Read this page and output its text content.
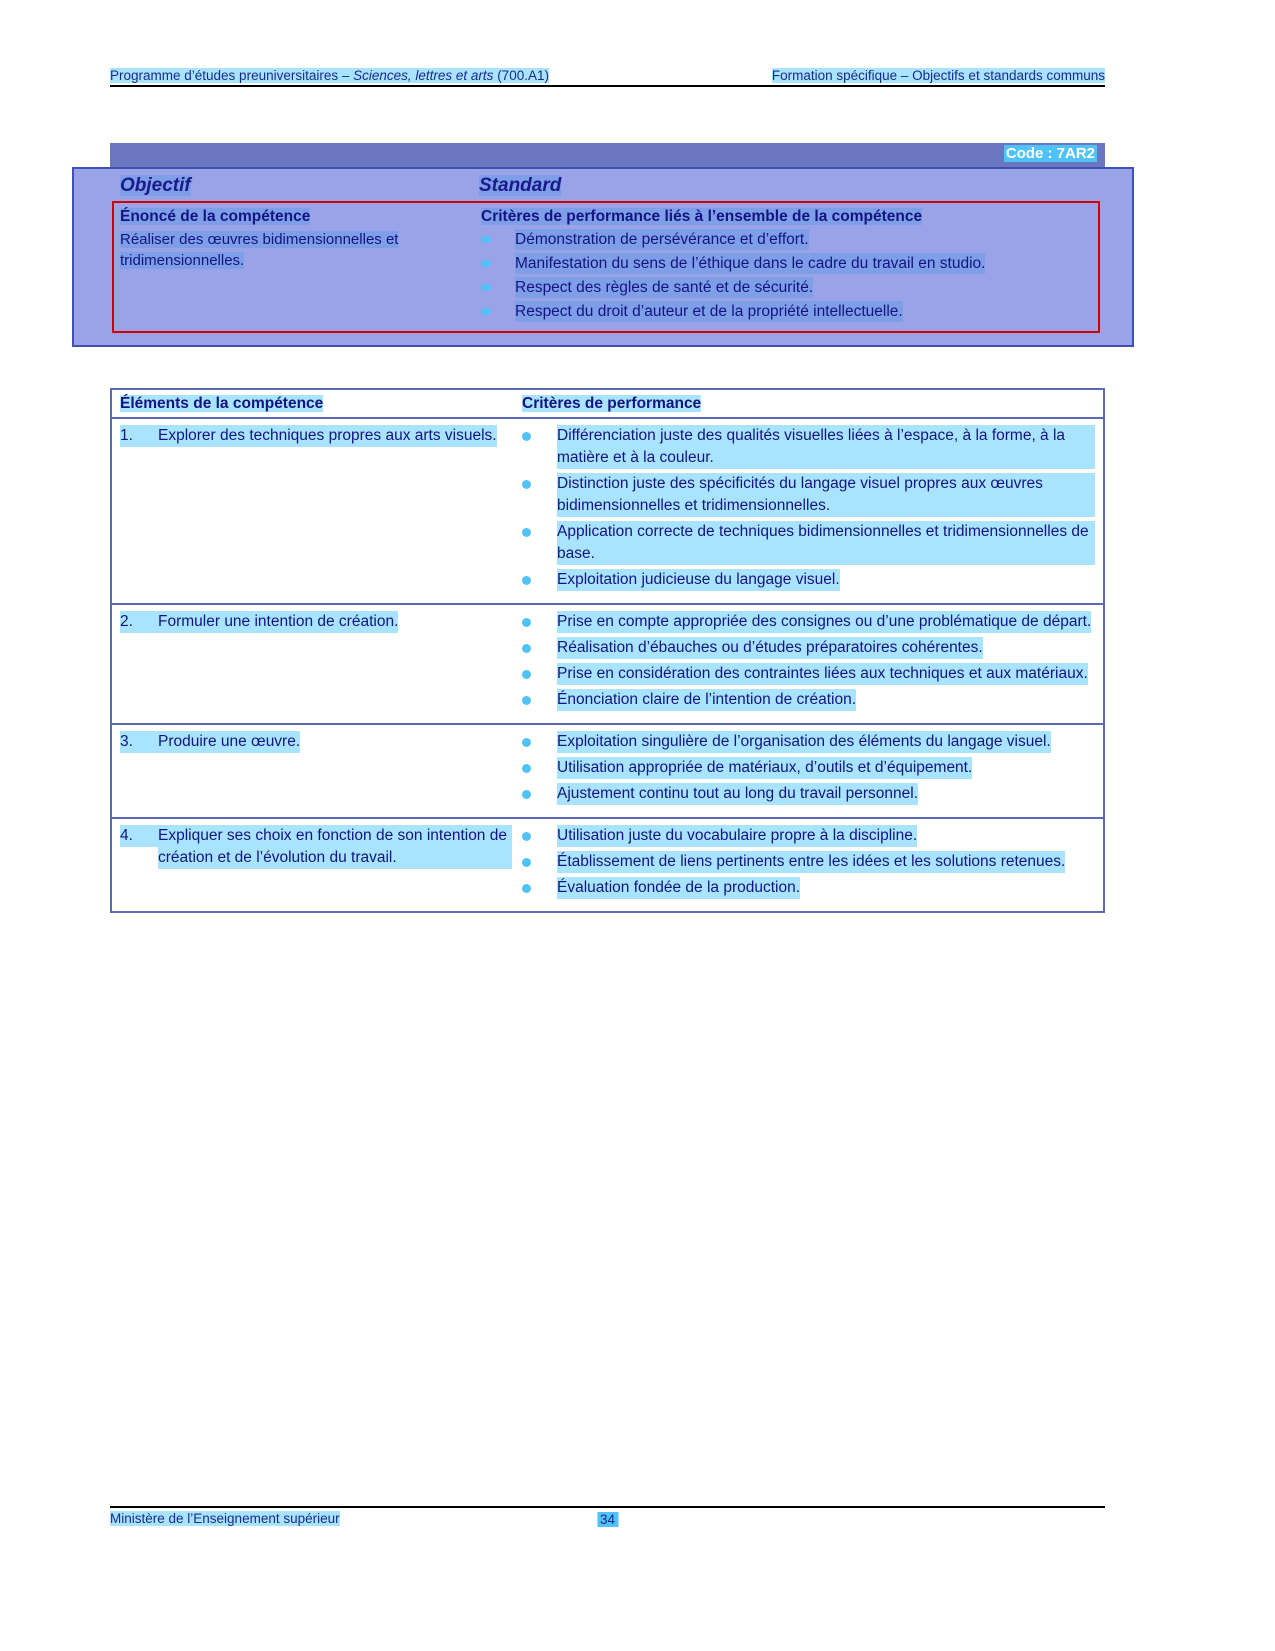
Programme d’études preuniversitaires – Sciences, lettres et arts (700.A1)	Formation spécifique – Objectifs et standards communs
Code : 7AR2
Objectif	Standard
Énoncé de la compétence	Critères de performance liés à l’ensemble de la compétence
Réaliser des œuvres bidimensionnelles et
tridimensionnelles.
Démonstration de persévérance et d’effort.
Manifestation du sens de l’éthique dans le cadre du travail en studio.
Respect des règles de santé et de sécurité.
Respect du droit d’auteur et de la propriété intellectuelle.
Éléments de la compétence	Critères de performance
1.	Explorer des techniques propres aux arts visuels.	Différenciation juste des qualités visuelles liées à l’espace, à la forme, à la matière et à la couleur.
Distinction juste des spécificités du langage visuel propres aux œuvres bidimensionnelles et tridimensionnelles.
Application correcte de techniques bidimensionnelles et tridimensionnelles de base.
Exploitation judicieuse du langage visuel.
2.	Formuler une intention de création.	Prise en compte appropriée des consignes ou d’une problématique de départ.
Réalisation d’ébauches ou d’études préparatoires cohérentes.
Prise en considération des contraintes liées aux techniques et aux matériaux.
Énonciation claire de l’intention de création.
3.	Produire une œuvre.	Exploitation singulière de l’organisation des éléments du langage visuel.
Utilisation appropriée de matériaux, d’outils et d’équipement.
Ajustement continu tout au long du travail personnel.
4.	Expliquer ses choix en fonction de son intention de création et de l’évolution du travail.
Utilisation juste du vocabulaire propre à la discipline.
Établissement de liens pertinents entre les idées et les solutions retenues.
Évaluation fondée de la production.
Ministère de l’Enseignement supérieur	34
